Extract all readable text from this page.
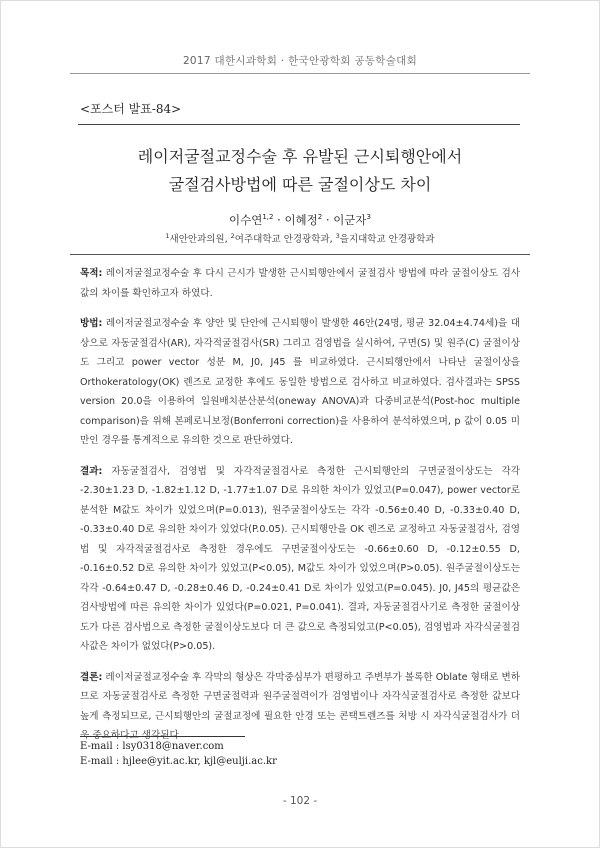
2017 대한시과학회 · 한국안광학회 공동학술대회
<포스터 발표-84>
레이저굴절교정수술 후 유발된 근시퇴행안에서
굴절검사방법에 따른 굴절이상도 차이
이수연$^{1,2}$ · 이혜정$^2$ · 이군자$^3$
$^1$새안안과의원, $^2$여주대학교 안경광학과, $^3$을지대학교 안경광학과

목적: 레이저굴절교정수술 후 다시 근시가 발생한 근시퇴행안에서 굴절검사 방법에 따라 굴절이상도 검사값의 차이를 확인하고자 하였다.

방법: 레이저굴절교정수술 후 양안 및 단안에 근시퇴행이 발생한 46안(24명, 평균 32.04±4.74세)을 대상으로 자동굴절검사(AR), 자각적굴절검사(SR) 그리고 검영법을 실시하여, 구면(S) 및 원주(C) 굴절이상도 그리고 power vector 성분 M, J0, J45 를 비교하였다. 근시퇴행안에서 나타난 굴절이상을 Orthokeratology(OK) 렌즈로 교정한 후에도 동일한 방법으로 검사하고 비교하였다. 검사결과는 SPSS version 20.0을 이용하여 일원배치분산분석(oneway ANOVA)과 다중비교분석(Post-hoc multiple comparison)을 위해 본페로니보정(Bonferroni correction)을 사용하여 분석하였으며, p 값이 0.05 미만인 경우를 통계적으로 유의한 것으로 판단하였다.

결과: 자동굴절검사, 검영법 및 자각적굴절검사로 측정한 근시퇴행안의 구면굴절이상도는 각각 -2.30±1.23 D, -1.82±1.12 D, -1.77±1.07 D로 유의한 차이가 있었고(P=0.047), power vector로 분석한 M값도 차이가 있었으며(P=0.013), 원주굴절이상도는 각각 -0.56±0.40 D, -0.33±0.40 D, -0.33±0.40 D로 유의한 차이가 있었다(P.0.05). 근시퇴행안을 OK 렌즈로 교정하고 자동굴절검사, 검영법 및 자각적굴절검사로 측정한 경우에도 구면굴절이상도는 -0.66±0.60 D, -0.12±0.55 D, -0.16±0.52 D로 유의한 차이가 있었고(P<0.05), M값도 차이가 있었으며(P>0.05). 원주굴절이상도는 각각 -0.64±0.47 D, -0.28±0.46 D, -0.24±0.41 D로 차이가 있었고(P=0.045). J0, J45의 평균값은 검사방법에 따른 유의한 차이가 있었다(P=0.021, P=0.041). 결과, 자동굴절검사기로 측정한 굴절이상도가 다른 검사법으로 측정한 굴절이상도보다 더 큰 값으로 측정되었고(P<0.05), 검영법과 자각식굴절검사값은 차이가 없었다(P>0.05).

결론: 레이저굴절교정수술 후 각막의 형상은 각막중심부가 편평하고 주변부가 볼록한 Oblate 형태로 변하므로 자동굴절검사로 측정한 구면굴절력과 원주굴절력이가 검영법이나 자각식굴절검사로 측정한 값보다 높게 측정되므로, 근시퇴행안의 굴절교정에 필요한 안경 또는 콘택트렌즈를 처방 시 자각식굴절검사가 더

E-mail : lsy0318@naver.com
E-mail : hjlee@yit.ac.kr, kjl@eulji.ac.kr
- 102 -
